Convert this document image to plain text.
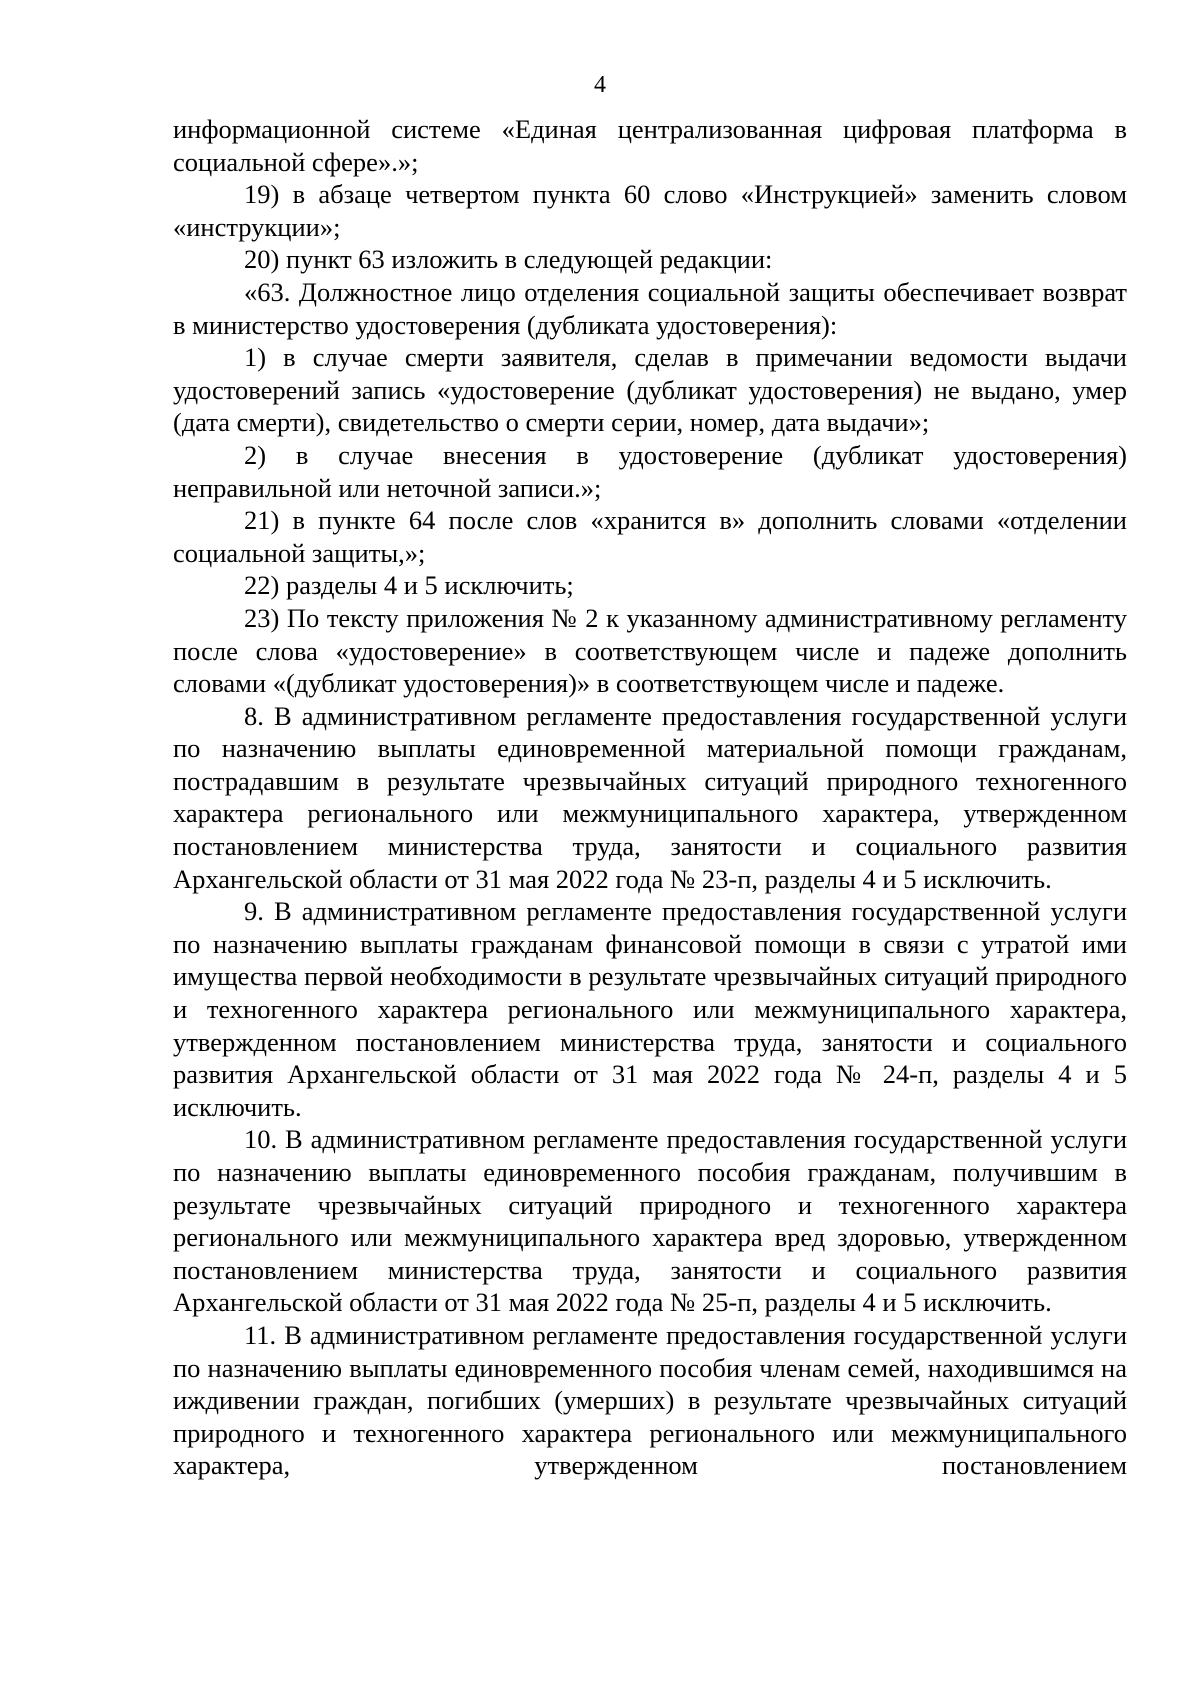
4

информационной системе «Единая централизованная цифровая платформа в социальной сфере».»;

19) в абзаце четвертом пункта 60 слово «Инструкцией» заменить словом «инструкции»;

20) пункт 63 изложить в следующей редакции:

«63. Должностное лицо отделения социальной защиты обеспечивает возврат в министерство удостоверения (дубликата удостоверения):

1) в случае смерти заявителя, сделав в примечании ведомости выдачи удостоверений запись «удостоверение (дубликат удостоверения) не выдано, умер (дата смерти), свидетельство о смерти серии, номер, дата выдачи»;

2) в случае внесения в удостоверение (дубликат удостоверения) неправильной или неточной записи.»;

21) в пункте 64 после слов «хранится в» дополнить словами «отделении социальной защиты,»;

22) разделы 4 и 5 исключить;

23) По тексту приложения № 2 к указанному административному регламенту после слова «удостоверение» в соответствующем числе и падеже дополнить словами «(дубликат удостоверения)» в соответствующем числе и падеже.

8. В административном регламенте предоставления государственной услуги по назначению выплаты единовременной материальной помощи гражданам, пострадавшим в результате чрезвычайных ситуаций природного техногенного характера регионального или межмуниципального характера, утвержденном постановлением министерства труда, занятости и социального развития Архангельской области от 31 мая 2022 года № 23-п, разделы 4 и 5 исключить.

9. В административном регламенте предоставления государственной услуги по назначению выплаты гражданам финансовой помощи в связи с утратой ими имущества первой необходимости в результате чрезвычайных ситуаций природного и техногенного характера регионального или межмуниципального характера, утвержденном постановлением министерства труда, занятости и социального развития Архангельской области от 31 мая 2022 года № 24-п, разделы 4 и 5 исключить.

10. В административном регламенте предоставления государственной услуги по назначению выплаты единовременного пособия гражданам, получившим в результате чрезвычайных ситуаций природного и техногенного характера регионального или межмуниципального характера вред здоровью, утвержденном постановлением министерства труда, занятости и социального развития Архангельской области от 31 мая 2022 года № 25-п, разделы 4 и 5 исключить.

11. В административном регламенте предоставления государственной услуги по назначению выплаты единовременного пособия членам семей, находившимся на иждивении граждан, погибших (умерших) в результате чрезвычайных ситуаций природного и техногенного характера регионального или межмуниципального характера, утвержденном постановлением
